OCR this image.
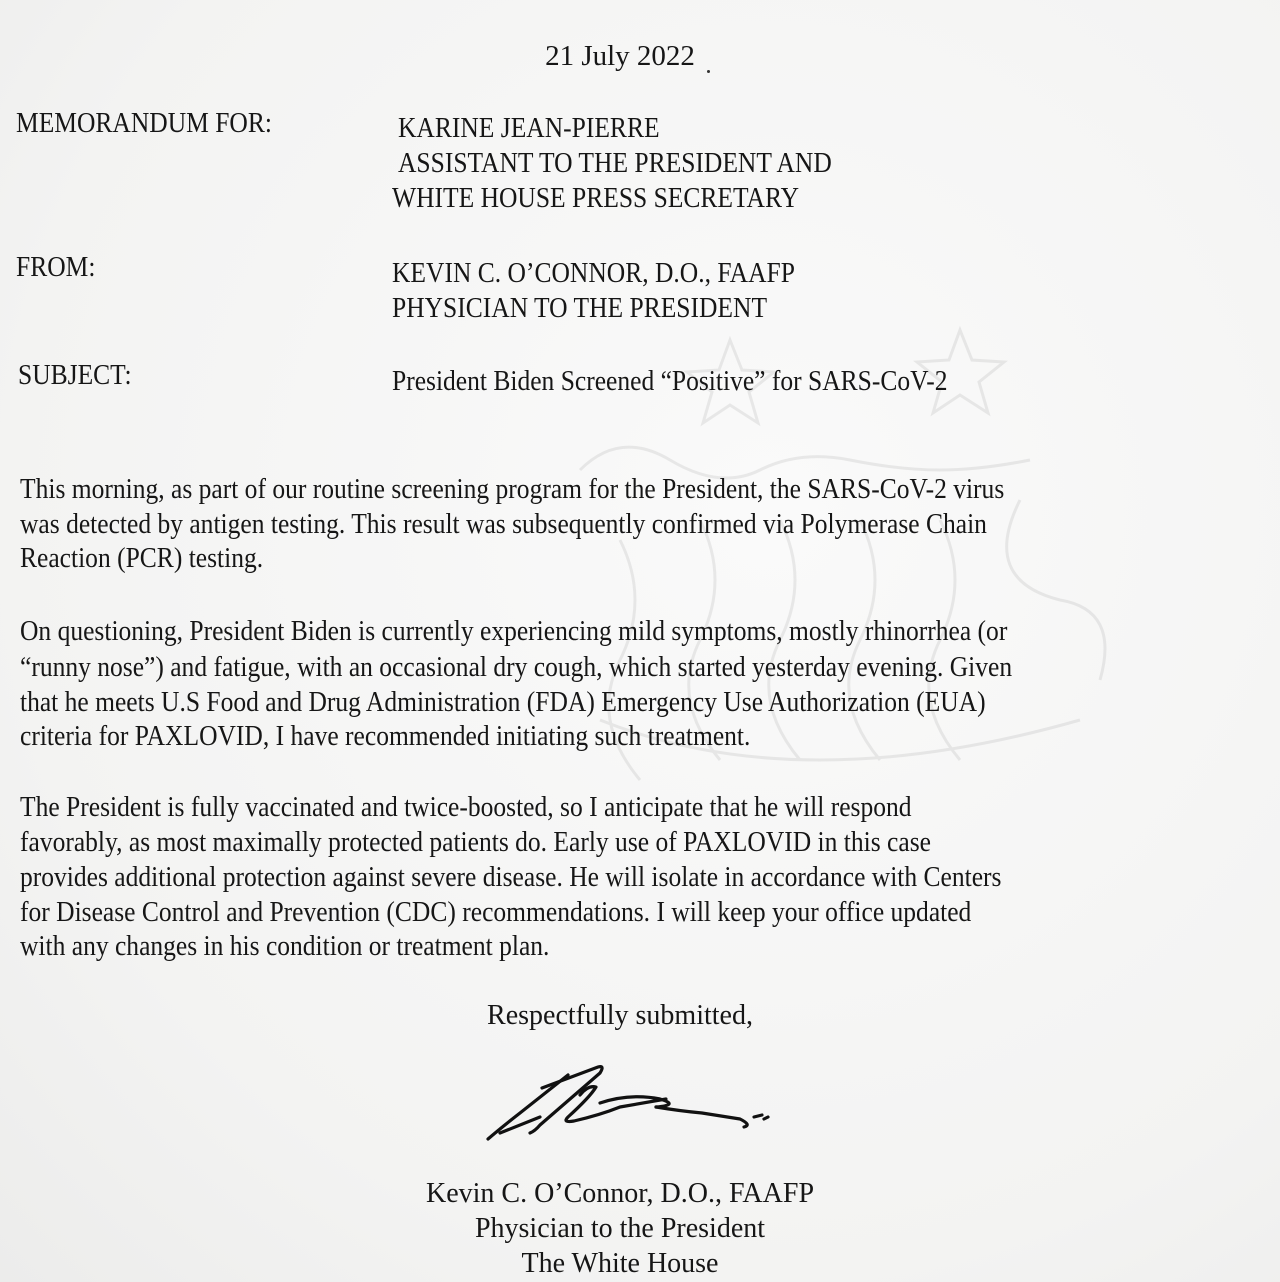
21 July 2022
MEMORANDUM FOR:	KARINE JEAN-PIERRE
ASSISTANT TO THE PRESIDENT AND
WHITE HOUSE PRESS SECRETARY
FROM:	KEVIN C. O’CONNOR, D.O., FAAFP
PHYSICIAN TO THE PRESIDENT
SUBJECT:	President Biden Screened “Positive” for SARS-CoV-2
This morning, as part of our routine screening program for the President, the SARS-CoV-2 virus
was detected by antigen testing. This result was subsequently confirmed via Polymerase Chain
Reaction (PCR) testing.
On questioning, President Biden is currently experiencing mild symptoms, mostly rhinorrhea (or
“runny nose”) and fatigue, with an occasional dry cough, which started yesterday evening. Given
that he meets U.S Food and Drug Administration (FDA) Emergency Use Authorization (EUA)
criteria for PAXLOVID, I have recommended initiating such treatment.
The President is fully vaccinated and twice-boosted, so I anticipate that he will respond
favorably, as most maximally protected patients do. Early use of PAXLOVID in this case
provides additional protection against severe disease. He will isolate in accordance with Centers
for Disease Control and Prevention (CDC) recommendations. I will keep your office updated
with any changes in his condition or treatment plan.
Respectfully submitted,
Kevin C. O’Connor, D.O., FAAFP
Physician to the President
The White House
